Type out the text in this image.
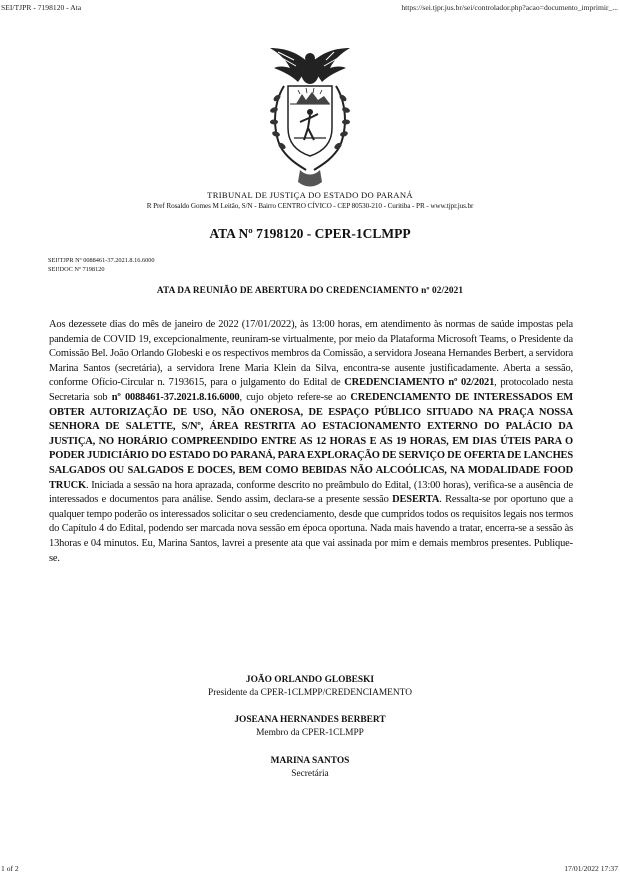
SEI/TJPR - 7198120 - Ata	https://sei.tjpr.jus.br/sei/controlador.php?acao=documento_imprimir_...
TRIBUNAL DE JUSTIÇA DO ESTADO DO PARANÁ
R Pref Rosaldo Gomes M Leitão, S/N - Bairro CENTRO CÍVICO - CEP 80530-210 - Curitiba - PR - www.tjpr.jus.br
ATA Nº 7198120 - CPER-1CLMPP
SEI!TJPR Nº 0088461-37.2021.8.16.6000
SEI!DOC Nº 7198120
ATA DA REUNIÃO DE ABERTURA DO CREDENCIAMENTO nº 02/2021
Aos dezessete dias do mês de janeiro de 2022 (17/01/2022), às 13:00 horas, em atendimento às normas de saúde impostas pela pandemia de COVID 19, excepcionalmente, reuniram-se virtualmente, por meio da Plataforma Microsoft Teams, o Presidente da Comissão Bel. João Orlando Globeski e os respectivos membros da Comissão, a servidora Joseana Hernandes Berbert, a servidora Marina Santos (secretária), a servidora Irene Maria Klein da Silva, encontra-se ausente justificadamente. Aberta a sessão, conforme Ofício-Circular n. 7193615, para o julgamento do Edital de CREDENCIAMENTO nº 02/2021, protocolado nesta Secretaria sob nº 0088461-37.2021.8.16.6000, cujo objeto refere-se ao CREDENCIAMENTO DE INTERESSADOS EM OBTER AUTORIZAÇÃO DE USO, NÃO ONEROSA, DE ESPAÇO PÚBLICO SITUADO NA PRAÇA NOSSA SENHORA DE SALETTE, S/Nº, ÁREA RESTRITA AO ESTACIONAMENTO EXTERNO DO PALÁCIO DA JUSTIÇA, NO HORÁRIO COMPREENDIDO ENTRE AS 12 HORAS E AS 19 HORAS, EM DIAS ÚTEIS PARA O PODER JUDICIÁRIO DO ESTADO DO PARANÁ, PARA EXPLORAÇÃO DE SERVIÇO DE OFERTA DE LANCHES SALGADOS OU SALGADOS E DOCES, BEM COMO BEBIDAS NÃO ALCOÓLICAS, NA MODALIDADE FOOD TRUCK. Iniciada a sessão na hora aprazada, conforme descrito no preâmbulo do Edital, (13:00 horas), verifica-se a ausência de interessados e documentos para análise. Sendo assim, declara-se a presente sessão DESERTA. Ressalta-se por oportuno que a qualquer tempo poderão os interessados solicitar o seu credenciamento, desde que cumpridos todos os requisitos legais nos termos do Capítulo 4 do Edital, podendo ser marcada nova sessão em época oportuna. Nada mais havendo a tratar, encerra-se a sessão às 13horas e 04 minutos. Eu, Marina Santos, lavrei a presente ata que vai assinada por mim e demais membros presentes. Publique-se.
JOÃO ORLANDO GLOBESKI
Presidente da CPER-1CLMPP/CREDENCIAMENTO
JOSEANA HERNANDES BERBERT
Membro da CPER-1CLMPP
MARINA SANTOS
Secretária
1 of 2	17/01/2022 17:37
